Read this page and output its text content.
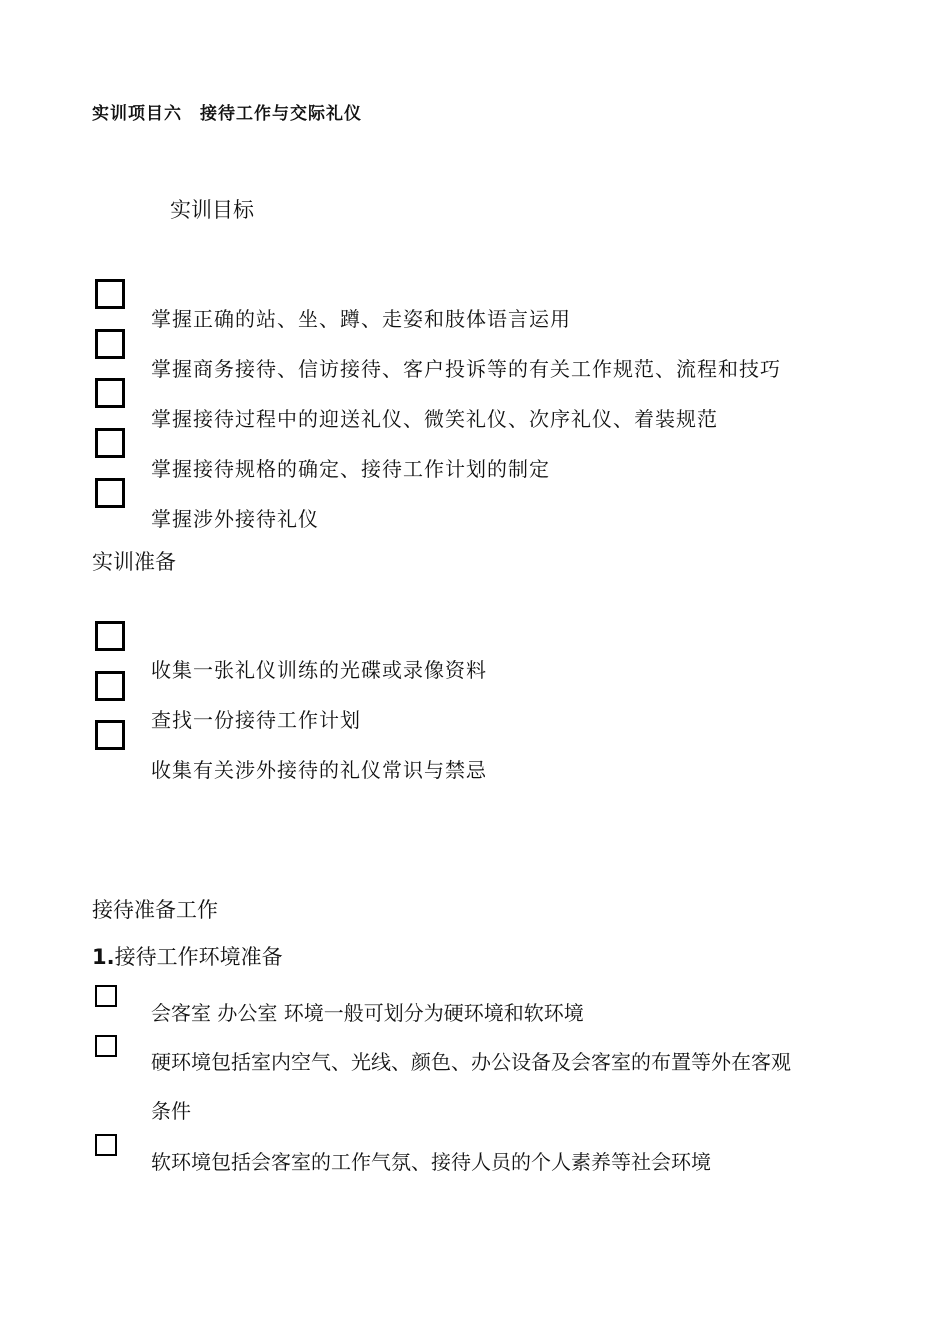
实训项目六　接待工作与交际礼仪
实训目标
掌握正确的站、坐、蹲、走姿和肢体语言运用
掌握商务接待、信访接待、客户投诉等的有关工作规范、流程和技巧
掌握接待过程中的迎送礼仪、微笑礼仪、次序礼仪、着装规范
掌握接待规格的确定、接待工作计划的制定
掌握涉外接待礼仪
实训准备
收集一张礼仪训练的光碟或录像资料
查找一份接待工作计划
收集有关涉外接待的礼仪常识与禁忌
接待准备工作
1.接待工作环境准备
会客室 办公室 环境一般可划分为硬环境和软环境
硬环境包括室内空气、光线、颜色、办公设备及会客室的布置等外在客观
条件
软环境包括会客室的工作气氛、接待人员的个人素养等社会环境
